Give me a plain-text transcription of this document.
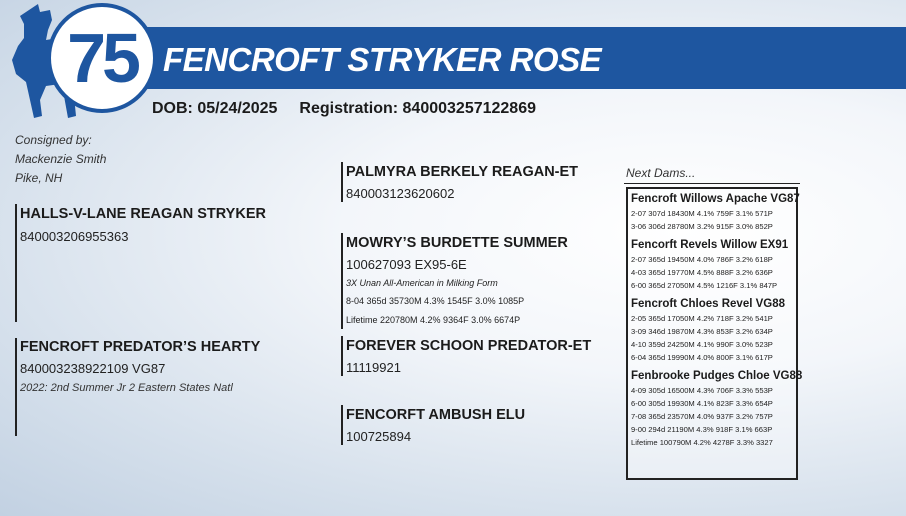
FENCROFT STRYKER ROSE
75
DOB: 05/24/2025 Registration: 840003257122869
Consigned by:
Mackenzie Smith
Pike, NH
HALLS-V-LANE REAGAN STRYKER
840003206955363
FENCROFT PREDATOR’S HEARTY
840003238922109 VG87
2022: 2nd Summer Jr 2 Eastern States Natl
PALMYRA BERKELY REAGAN-ET
840003123620602
MOWRY’S BURDETTE SUMMER
100627093 EX95-6E
3X Unan All-American in Milking Form
8-04 365d 35730M 4.3% 1545F 3.0% 1085P
Lifetime 220780M 4.2% 9364F 3.0% 6674P
FOREVER SCHOON PREDATOR-ET
11119921
FENCORFT AMBUSH ELU
100725894
Next Dams...
Fencroft Willows Apache VG87
2-07 307d 18430M 4.1% 759F 3.1% 571P
3-06 306d 28780M 3.2% 915F 3.0% 852P
Fencorft Revels Willow EX91
2-07 365d 19450M 4.0% 786F 3.2% 618P
4-03 365d 19770M 4.5% 888F 3.2% 636P
6-00 365d 27050M 4.5% 1216F 3.1% 847P
Fencroft Chloes Revel VG88
2-05 365d 17050M 4.2% 718F 3.2% 541P
3-09 346d 19870M 4.3% 853F 3.2% 634P
4-10 359d 24250M 4.1% 990F 3.0% 523P
6-04 365d 19990M 4.0% 800F 3.1% 617P
Fenbrooke Pudges Chloe VG88
4-09 305d 16500M 4.3% 706F 3.3% 553P
6-00 305d 19930M 4.1% 823F 3.3% 654P
7-08 365d 23570M 4.0% 937F 3.2% 757P
9-00 294d 21190M 4.3% 918F 3.1% 663P
Lifetime 100790M 4.2% 4278F 3.3% 3327
